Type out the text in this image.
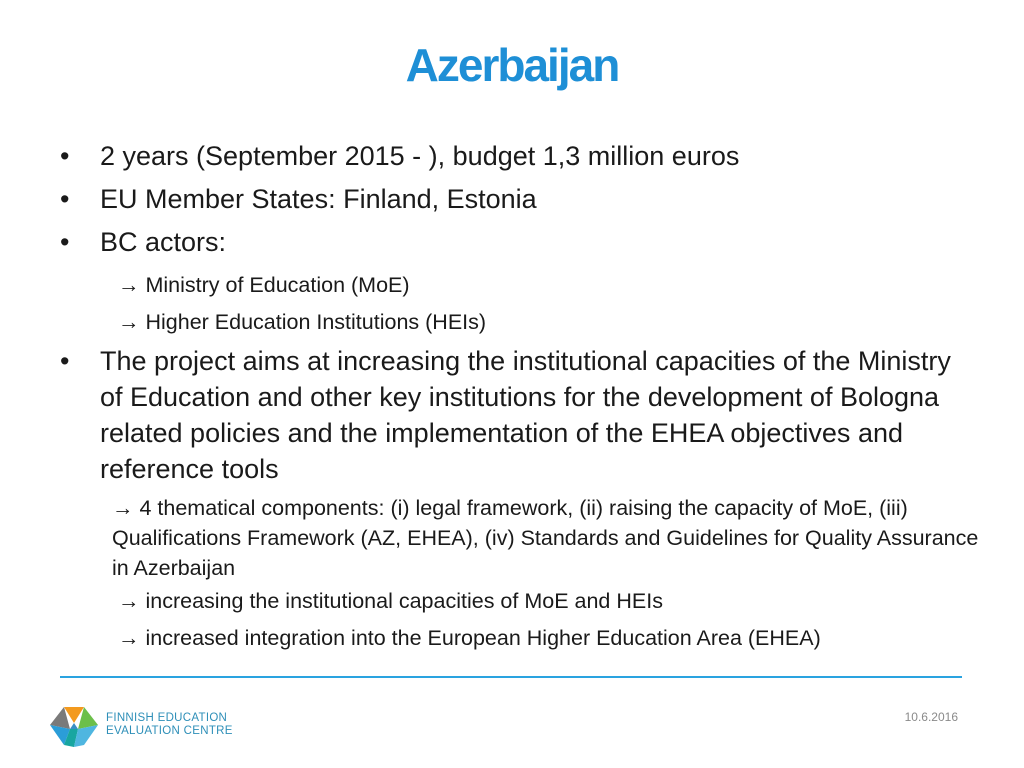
Azerbaijan
•	2 years (September 2015 - ), budget 1,3 million euros
•	EU Member States: Finland, Estonia
•	BC actors:
→ Ministry of Education (MoE)
→ Higher Education Institutions (HEIs)
•	The project aims at increasing the institutional capacities of the Ministry of Education and other key institutions for the development of Bologna related policies and the implementation of the EHEA objectives and reference tools
→ 4 thematical components: (i) legal framework, (ii) raising the capacity of MoE, (iii) Qualifications Framework (AZ, EHEA), (iv) Standards and Guidelines for Quality Assurance in Azerbaijan
→ increasing the institutional capacities of MoE and HEIs
→ increased integration into the European Higher Education Area (EHEA)
FINNISH EDUCATION
EVALUATION CENTRE
10.6.2016
